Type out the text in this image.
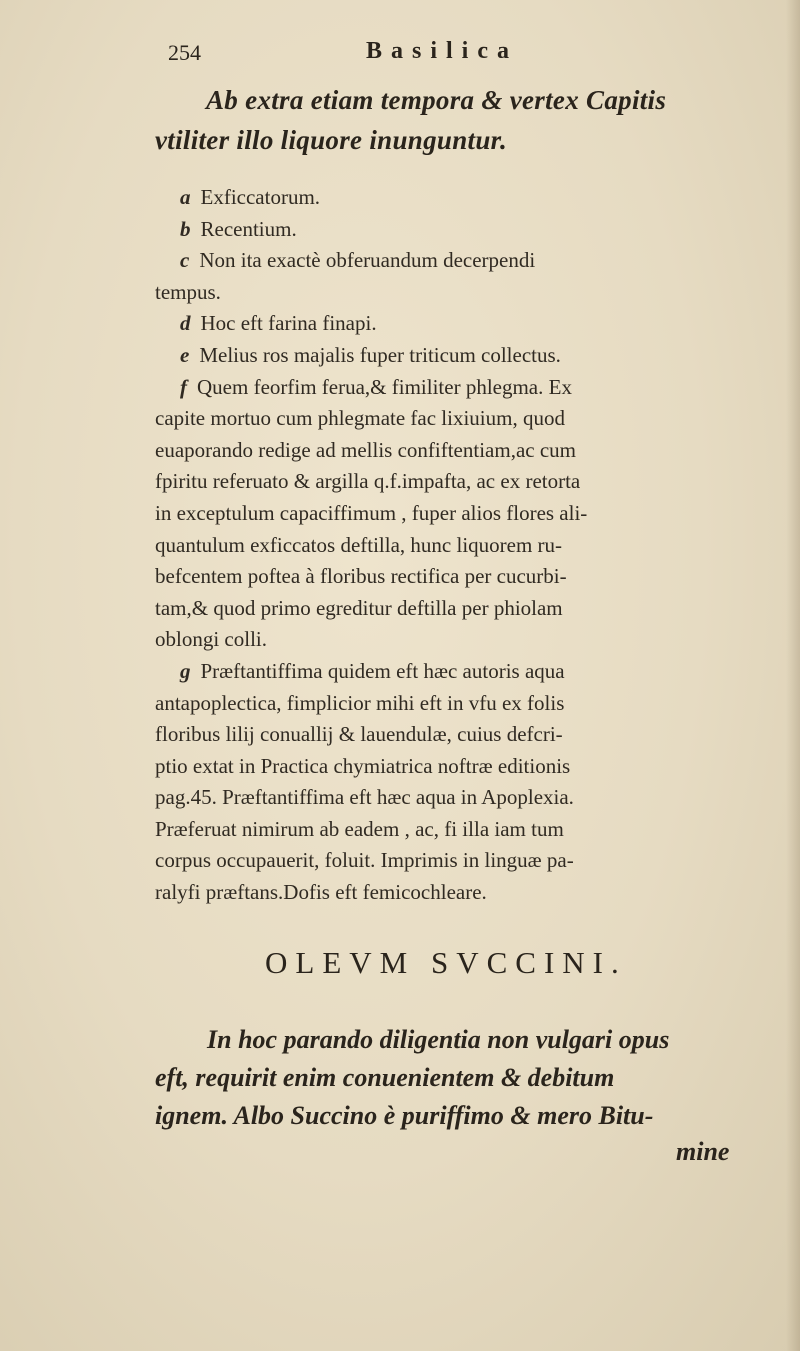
254	Basilica
Ab extra etiam tempora & vertex Capitis
vtiliter illo liquore inunguntur.
a Exficcatorum.
b Recentium.
c Non ita exactè obferuandum decerpendi
tempus.
d Hoc eft farina finapi.
e Melius ros majalis fuper triticum collectus.
f Quem feorfim ferua,& fimiliter phlegma. Ex
capite mortuo cum phlegmate fac lixiuium, quod
euaporando redige ad mellis confiftentiam,ac cum
fpiritu referuato & argilla q.f.impafta, ac ex retorta
in exceptulum capaciffimum , fuper alios flores ali-
quantulum exficcatos deftilla, hunc liquorem ru-
befcentem poftea à floribus rectifica per cucurbi-
tam,& quod primo egreditur deftilla per phiolam
oblongi colli.
g Præftantiffima quidem eft hæc autoris aqua
antapoplectica, fimplicior mihi eft in vfu ex folis
floribus lilij conuallij & lauendulæ, cuius defcri-
ptio extat in Practica chymiatrica noftræ editionis
pag.45. Præftantiffima eft hæc aqua in Apoplexia.
Præferuat nimirum ab eadem , ac, fi illa iam tum
corpus occupauerit, foluit. Imprimis in linguæ pa-
ralyfi præftans.Dofis eft femicochleare.
OLEVM SVCCINI.
In hoc parando diligentia non vulgari opus
eft, requirit enim conuenientem & debitum
ignem. Albo Succino è puriffimo & mero Bitu-
mine
